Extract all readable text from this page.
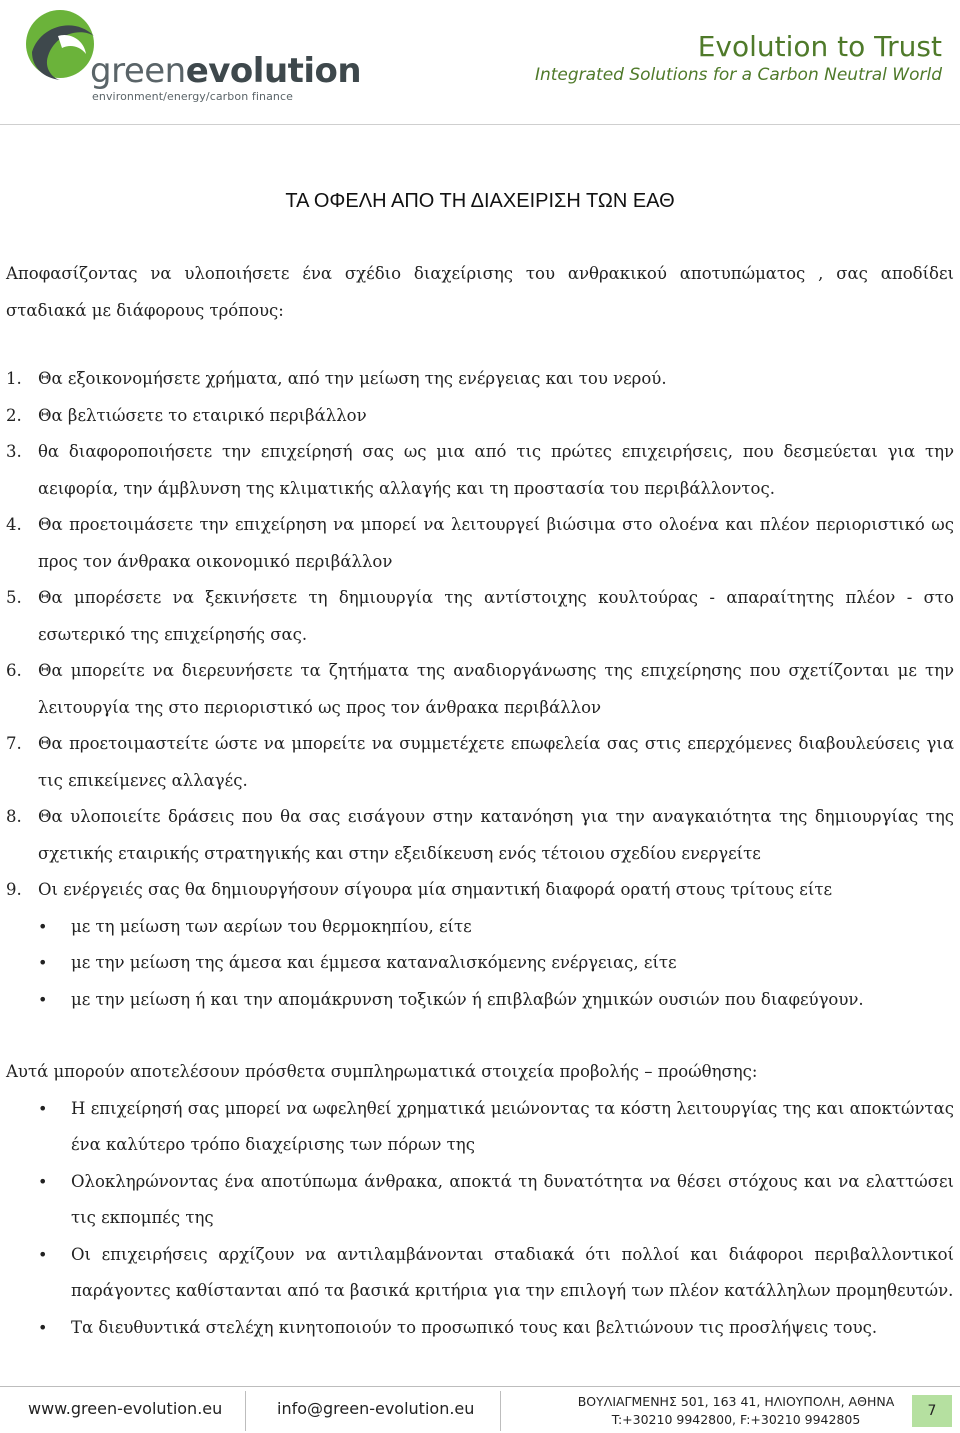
greenevolution
environment/energy/carbon finance
Evolution to Trust
Integrated Solutions for a Carbon Neutral World
ΤΑ ΟΦΕΛΗ ΑΠΟ ΤΗ ΔΙΑΧΕΙΡΙΣΗ ΤΩΝ ΕΑΘ

Αποφασίζοντας να υλοποιήσετε ένα σχέδιο διαχείρισης του ανθρακικού αποτυπώματος , σας αποδίδει σταδιακά με διάφορους τρόπους:

1. Θα εξοικονομήσετε χρήματα, από την μείωση της ενέργειας και του νερού.
2. Θα βελτιώσετε το εταιρικό περιβάλλον
3. θα διαφοροποιήσετε την επιχείρησή σας ως μια από τις πρώτες επιχειρήσεις, που δεσμεύεται για την αειφορία, την άμβλυνση της κλιματικής αλλαγής και τη προστασία του περιβάλλοντος.
4. Θα προετοιμάσετε την επιχείρηση να μπορεί να λειτουργεί βιώσιμα στο ολοένα και πλέον περιοριστικό ως προς τον άνθρακα οικονομικό περιβάλλον
5. Θα μπορέσετε να ξεκινήσετε τη δημιουργία της αντίστοιχης κουλτούρας - απαραίτητης πλέον - στο εσωτερικό της επιχείρησής σας.
6. Θα μπορείτε να διερευνήσετε τα ζητήματα της αναδιοργάνωσης της επιχείρησης που σχετίζονται με την λειτουργία της στο περιοριστικό ως προς τον άνθρακα περιβάλλον
7. Θα προετοιμαστείτε ώστε να μπορείτε να συμμετέχετε επωφελεία σας στις επερχόμενες διαβουλεύσεις για τις επικείμενες αλλαγές.
8. Θα υλοποιείτε δράσεις που θα σας εισάγουν στην κατανόηση για την αναγκαιότητα της δημιουργίας της σχετικής εταιρικής στρατηγικής και στην εξειδίκευση ενός τέτοιου σχεδίου ενεργείτε
9. Οι ενέργειές σας θα δημιουργήσουν σίγουρα μία σημαντική διαφορά ορατή στους τρίτους είτε
• με τη μείωση των αερίων του θερμοκηπίου, είτε
• με την μείωση της άμεσα και έμμεσα καταναλισκόμενης ενέργειας, είτε
• με την μείωση ή και την απομάκρυνση τοξικών ή επιβλαβών χημικών ουσιών που διαφεύγουν.

Αυτά μπορούν αποτελέσουν πρόσθετα συμπληρωματικά στοιχεία προβολής – προώθησης:

• Η επιχείρησή σας μπορεί να ωφεληθεί χρηματικά μειώνοντας τα κόστη λειτουργίας της και αποκτώντας ένα καλύτερο τρόπο διαχείρισης των πόρων της
• Ολοκληρώνοντας ένα αποτύπωμα άνθρακα, αποκτά τη δυνατότητα να θέσει στόχους και να ελαττώσει τις εκπομπές της
• Οι επιχειρήσεις αρχίζουν να αντιλαμβάνονται σταδιακά ότι πολλοί και διάφοροι περιβαλλοντικοί παράγοντες καθίστανται από τα βασικά κριτήρια για την επιλογή των πλέον κατάλληλων προμηθευτών.
• Τα διευθυντικά στελέχη κινητοποιούν το προσωπικό τους και βελτιώνουν τις προσλήψεις τους.
www.green-evolution.eu	info@green-evolution.eu	ΒΟΥΛΙΑΓΜΕΝΗΣ 501, 163 41, ΗΛΙΟΥΠΟΛΗ, ΑΘΗΝΑ
T:+30210 9942800, F:+30210 9942805
7
